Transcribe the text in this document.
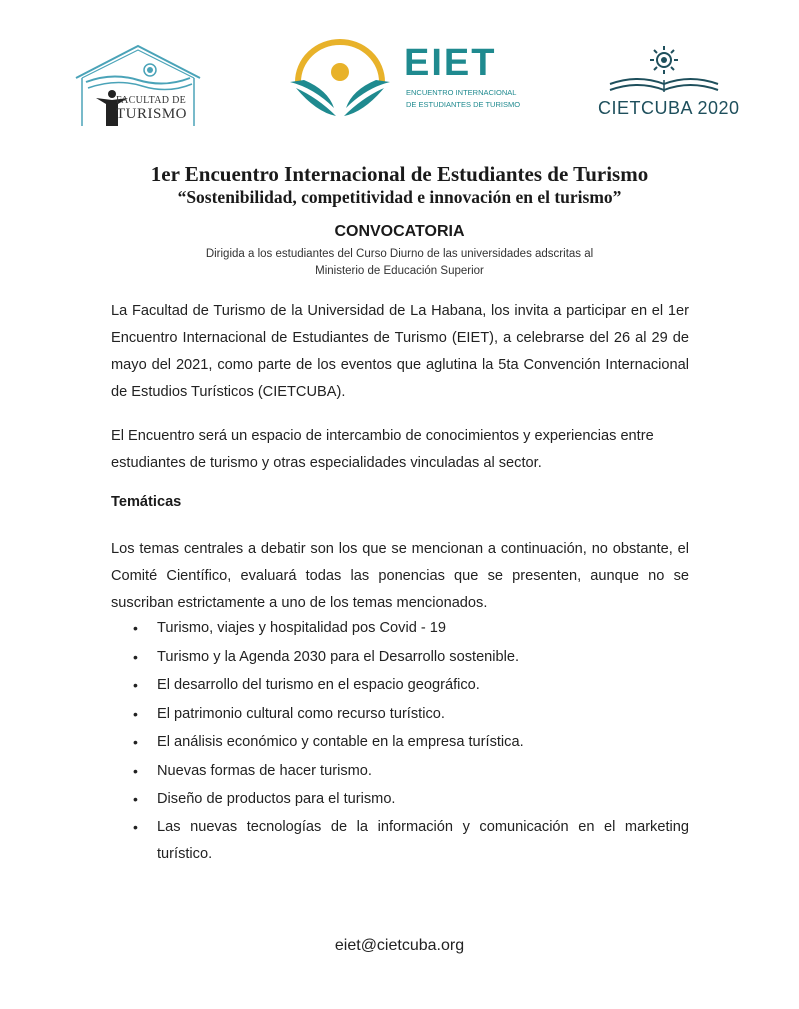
FACULTAD DE
TURISMO
EIET
ENCUENTRO INTERNACIONAL
DE ESTUDIANTES DE TURISMO	CIETCUBA 2020
1er Encuentro Internacional de Estudiantes de Turismo
“Sostenibilidad, competitividad e innovación en el turismo”
CONVOCATORIA
Dirigida a los estudiantes del Curso Diurno de las universidades adscritas al
Ministerio de Educación Superior
La Facultad de Turismo de la Universidad de La Habana, los invita a participar en el 1er Encuentro Internacional de Estudiantes de Turismo (EIET), a celebrarse del 26 al 29 de mayo del 2021, como parte de los eventos que aglutina la 5ta Convención Internacional de Estudios Turísticos (CIETCUBA).
El Encuentro será un espacio de intercambio de conocimientos y experiencias entre estudiantes de turismo y otras especialidades vinculadas al sector.
Temáticas
Los temas centrales a debatir son los que se mencionan a continuación, no obstante, el Comité Científico, evaluará todas las ponencias que se presenten, aunque no se suscriban estrictamente a uno de los temas mencionados.
• Turismo, viajes y hospitalidad pos Covid - 19
• Turismo y la Agenda 2030 para el Desarrollo sostenible.
• El desarrollo del turismo en el espacio geográfico.
• El patrimonio cultural como recurso turístico.
• El análisis económico y contable en la empresa turística.
• Nuevas formas de hacer turismo.
• Diseño de productos para el turismo.
• Las nuevas tecnologías de la información y comunicación en el marketing turístico.
eiet@cietcuba.org
